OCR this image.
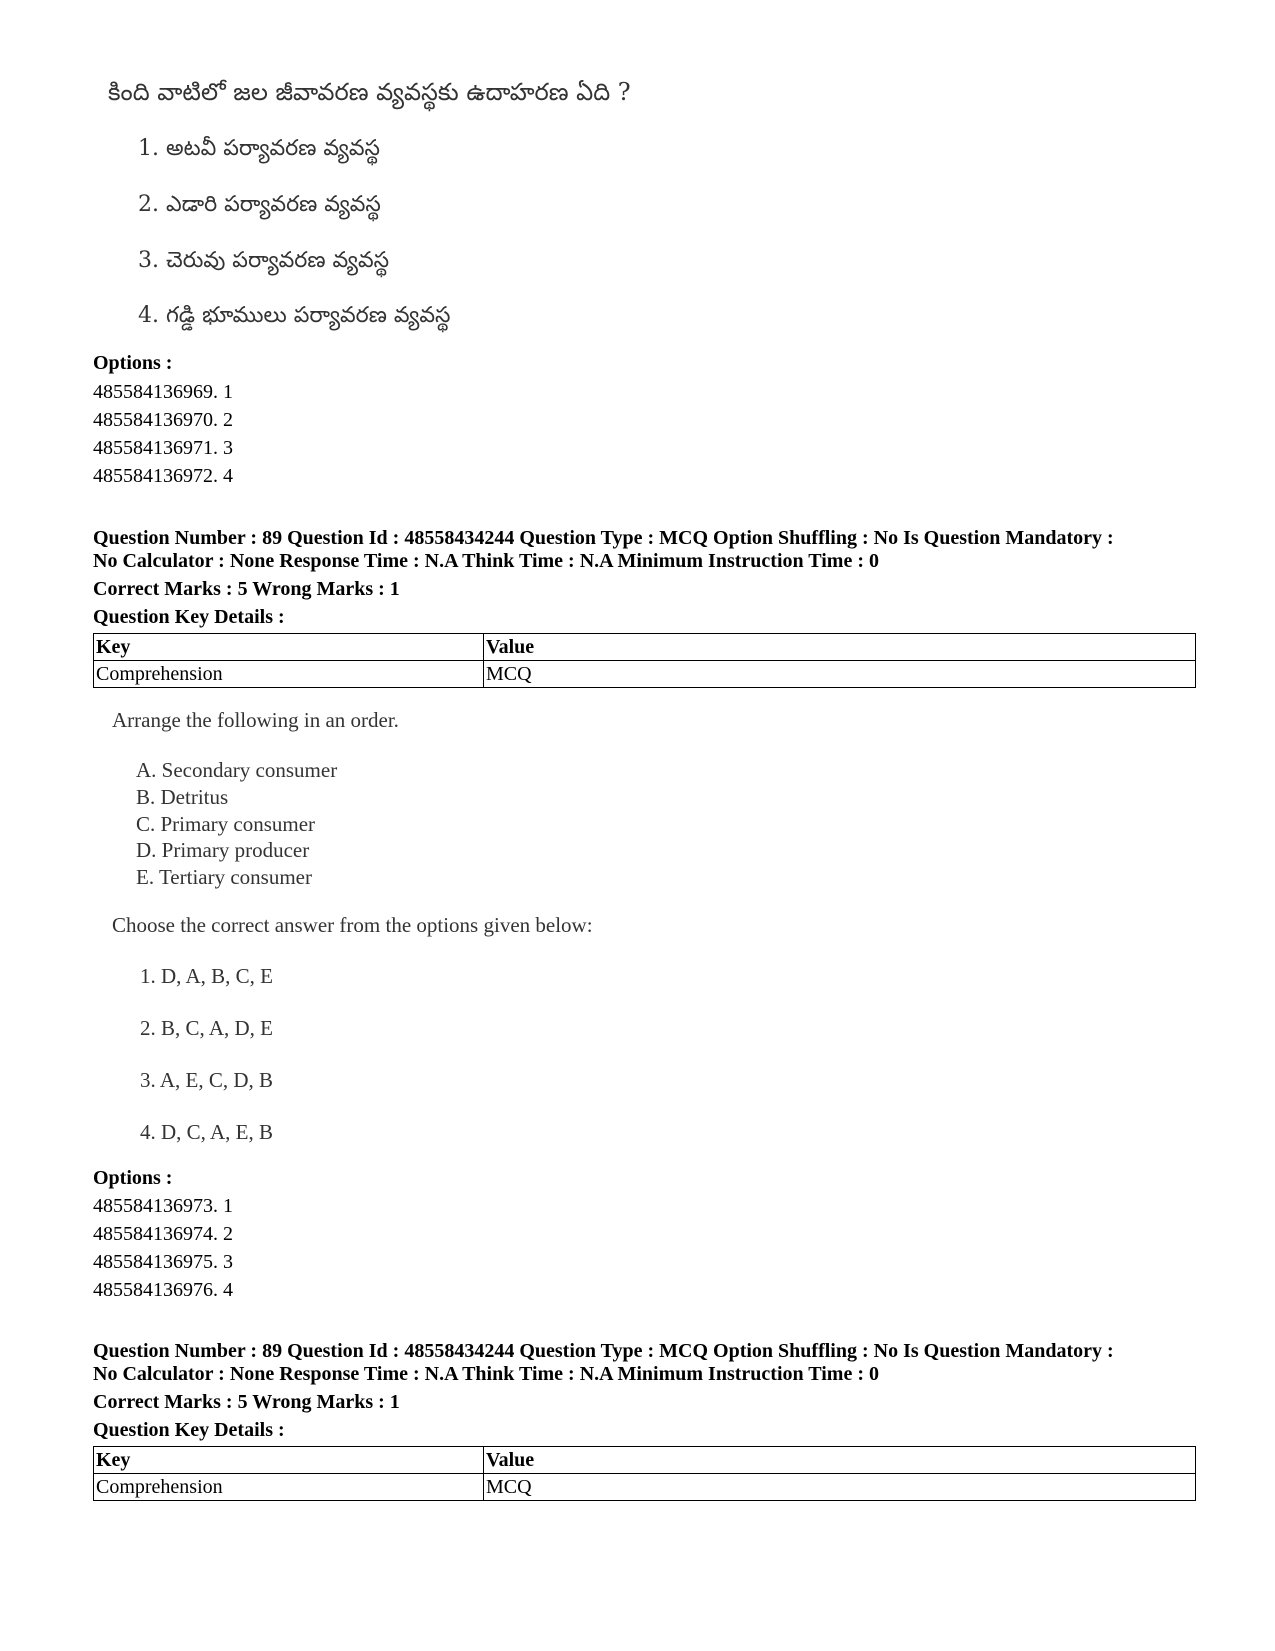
కింది వాటిలో జల జీవావరణ వ్యవస్థకు ఉదాహరణ ఏది ?
1. అటవీ పర్యావరణ వ్యవస్థ
2. ఎడారి పర్యావరణ వ్యవస్థ
3. చెరువు పర్యావరణ వ్యవస్థ
4. గడ్డి భూములు పర్యావరణ వ్యవస్థ
Options :
485584136969. 1
485584136970. 2
485584136971. 3
485584136972. 4
Question Number : 89 Question Id : 48558434244 Question Type : MCQ Option Shuffling : No Is Question Mandatory :
No Calculator : None Response Time : N.A Think Time : N.A Minimum Instruction Time : 0
Correct Marks : 5 Wrong Marks : 1
Question Key Details :
Key	Value
Comprehension	MCQ
Arrange the following in an order.
A. Secondary consumer
B. Detritus
C. Primary consumer
D. Primary producer
E. Tertiary consumer
Choose the correct answer from the options given below:
1. D, A, B, C, E
2. B, C, A, D, E
3. A, E, C, D, B
4. D, C, A, E, B
Options :
485584136973. 1
485584136974. 2
485584136975. 3
485584136976. 4
Question Number : 89 Question Id : 48558434244 Question Type : MCQ Option Shuffling : No Is Question Mandatory :
No Calculator : None Response Time : N.A Think Time : N.A Minimum Instruction Time : 0
Correct Marks : 5 Wrong Marks : 1
Question Key Details :
Key	Value
Comprehension	MCQ
